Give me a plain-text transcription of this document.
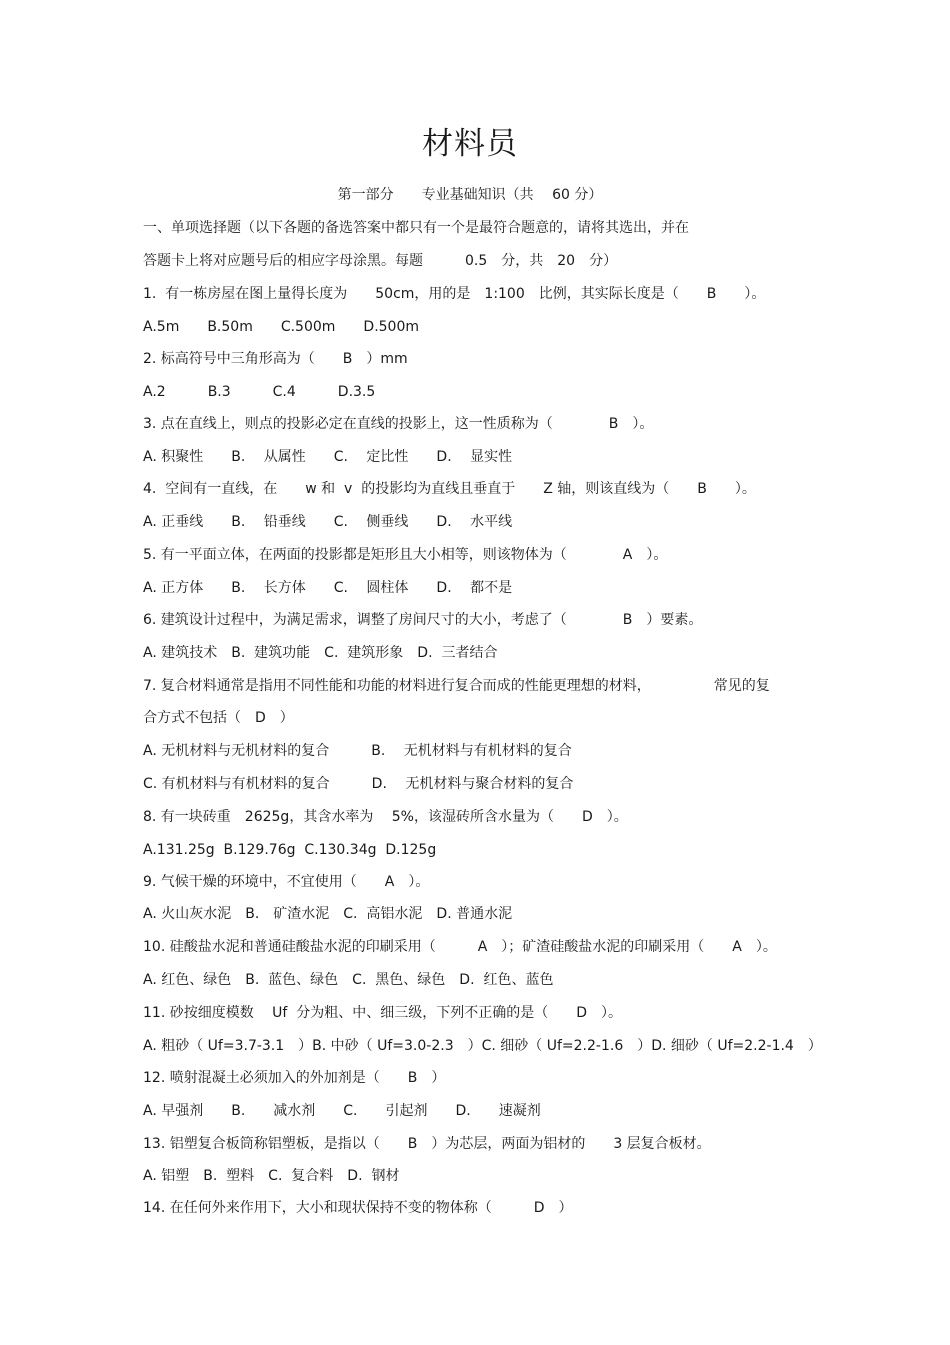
材料员
第一部分　　专业基础知识（共　 60 分）
一、单项选择题（以下各题的备选答案中都只有一个是最符合题意的，请将其选出，并在
答题卡上将对应题号后的相应字母涂黑。每题　　　0.5　分，共　20　分）
1.  有一栋房屋在图上量得长度为　　50cm，用的是　1:100　比例，其实际长度是（　　B　　）。
A.5m　　B.50m　　C.500m　　D.500m
2. 标高符号中三角形高为（　　B　）mm
A.2　　　B.3　　　C.4　　　D.3.5
3. 点在直线上，则点的投影必定在直线的投影上，这一性质称为（　　　　B　）。
A. 积聚性　　B.　 从属性　　C.　 定比性　　D.　 显实性
4.  空间有一直线，在　　w 和  v  的投影均为直线且垂直于　　Z 轴，则该直线为（　　B　　）。
A. 正垂线　　B.　 铅垂线　　C.　 侧垂线　　D.　 水平线
5. 有一平面立体，在两面的投影都是矩形且大小相等，则该物体为（　　　　A　）。
A. 正方体　　B.　 长方体　　C.　 圆柱体　　D.　 都不是
6. 建筑设计过程中，为满足需求，调整了房间尺寸的大小，考虑了（　　　　B　）要素。
A. 建筑技术　B.  建筑功能　C.  建筑形象　D.  三者结合
7. 复合材料通常是指用不同性能和功能的材料进行复合而成的性能更理想的材料，　　　　　常见的复
合方式不包括（　D　）
A. 无机材料与无机材料的复合　　　B.　 无机材料与有机材料的复合
C. 有机材料与有机材料的复合　　　D.　 无机材料与聚合材料的复合
8. 有一块砖重　2625g，其含水率为　 5%，该湿砖所含水量为（　　D　）。
A.131.25g  B.129.76g  C.130.34g  D.125g
9. 气候干燥的环境中，不宜使用（　　A　）。
A. 火山灰水泥　B.　矿渣水泥　C.  高铝水泥　D. 普通水泥
10. 硅酸盐水泥和普通硅酸盐水泥的印刷采用（　　　A　）；矿渣硅酸盐水泥的印刷采用（　　A　）。
A. 红色、绿色　B.  蓝色、绿色　C.  黑色、绿色　D.  红色、蓝色
11. 砂按细度模数　 Uf  分为粗、中、细三级，下列不正确的是（　　D　）。
A. 粗砂（ Uf=3.7-3.1　）B. 中砂（ Uf=3.0-2.3　）C. 细砂（ Uf=2.2-1.6　）D. 细砂（ Uf=2.2-1.4　）
12. 喷射混凝土必须加入的外加剂是（　　B　）
A. 早强剂　　B.　　减水剂　　C.　　引起剂　　D.　　速凝剂
13. 铝塑复合板筒称铝塑板，是指以（　　B　）为芯层，两面为铝材的　　3 层复合板材。
A. 铝塑　B.  塑料　C.  复合料　D.  钢材
14. 在任何外来作用下，大小和现状保持不变的物体称（　　　D　）
